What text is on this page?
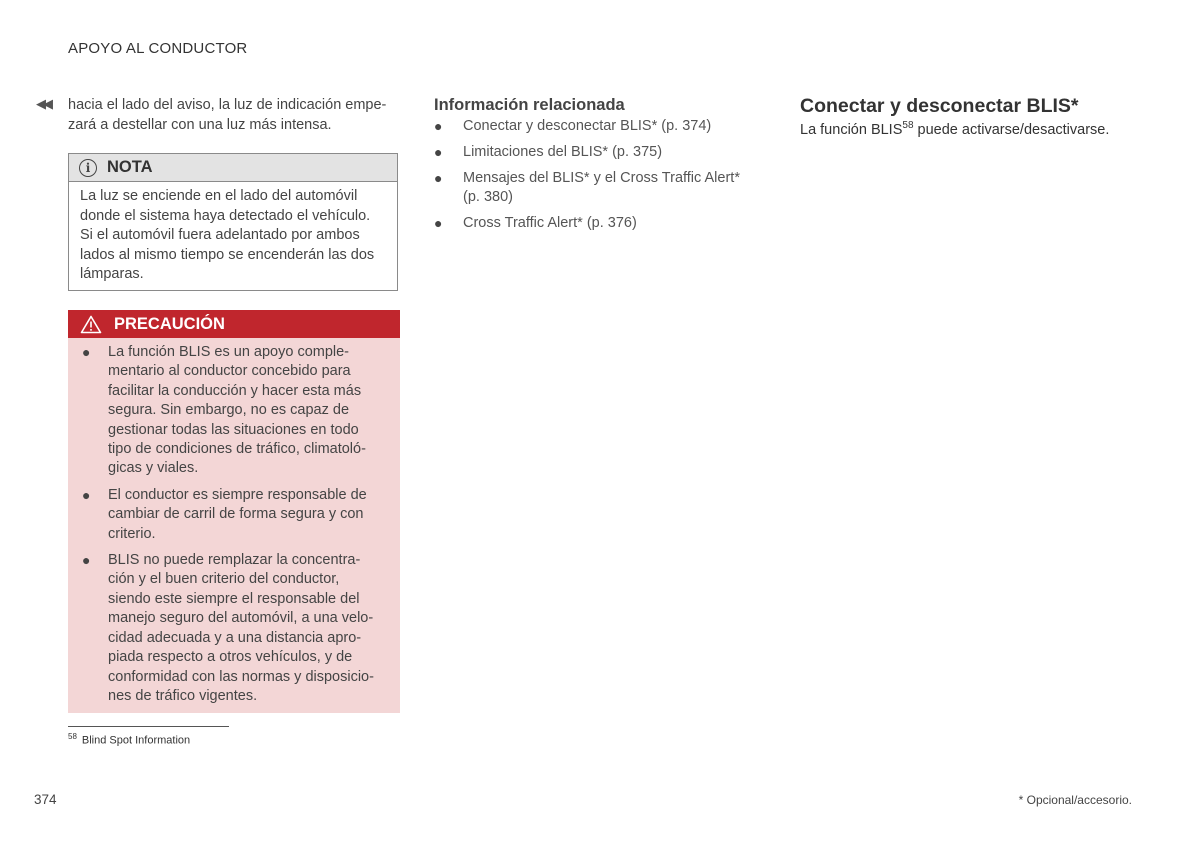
APOYO AL CONDUCTOR
◀◀ hacia el lado del aviso, la luz de indicación empe-
zará a destellar con una luz más intensa.
i	NOTA
La luz se enciende en el lado del automóvil
donde el sistema haya detectado el vehículo.
Si el automóvil fuera adelantado por ambos
lados al mismo tiempo se encenderán las dos
lámparas.
PRECAUCIÓN
● La función BLIS es un apoyo comple-
mentario al conductor concebido para
facilitar la conducción y hacer esta más
segura. Sin embargo, no es capaz de
gestionar todas las situaciones en todo
tipo de condiciones de tráfico, climatoló-
gicas y viales.
● El conductor es siempre responsable de
cambiar de carril de forma segura y con
criterio.
● BLIS no puede remplazar la concentra-
ción y el buen criterio del conductor,
siendo este siempre el responsable del
manejo seguro del automóvil, a una velo-
cidad adecuada y a una distancia apro-
piada respecto a otros vehículos, y de
conformidad con las normas y disposicio-
nes de tráfico vigentes.
$^{58}$ Blind Spot Information
Información relacionada
● Conectar y desconectar BLIS* (p. 374)
● Limitaciones del BLIS* (p. 375)
● Mensajes del BLIS* y el Cross Traffic Alert*
(p. 380)
● Cross Traffic Alert* (p. 376)
Conectar y desconectar BLIS*
La función BLIS$^{58}$ puede activarse/desactivarse.
374	* Opcional/accesorio.
